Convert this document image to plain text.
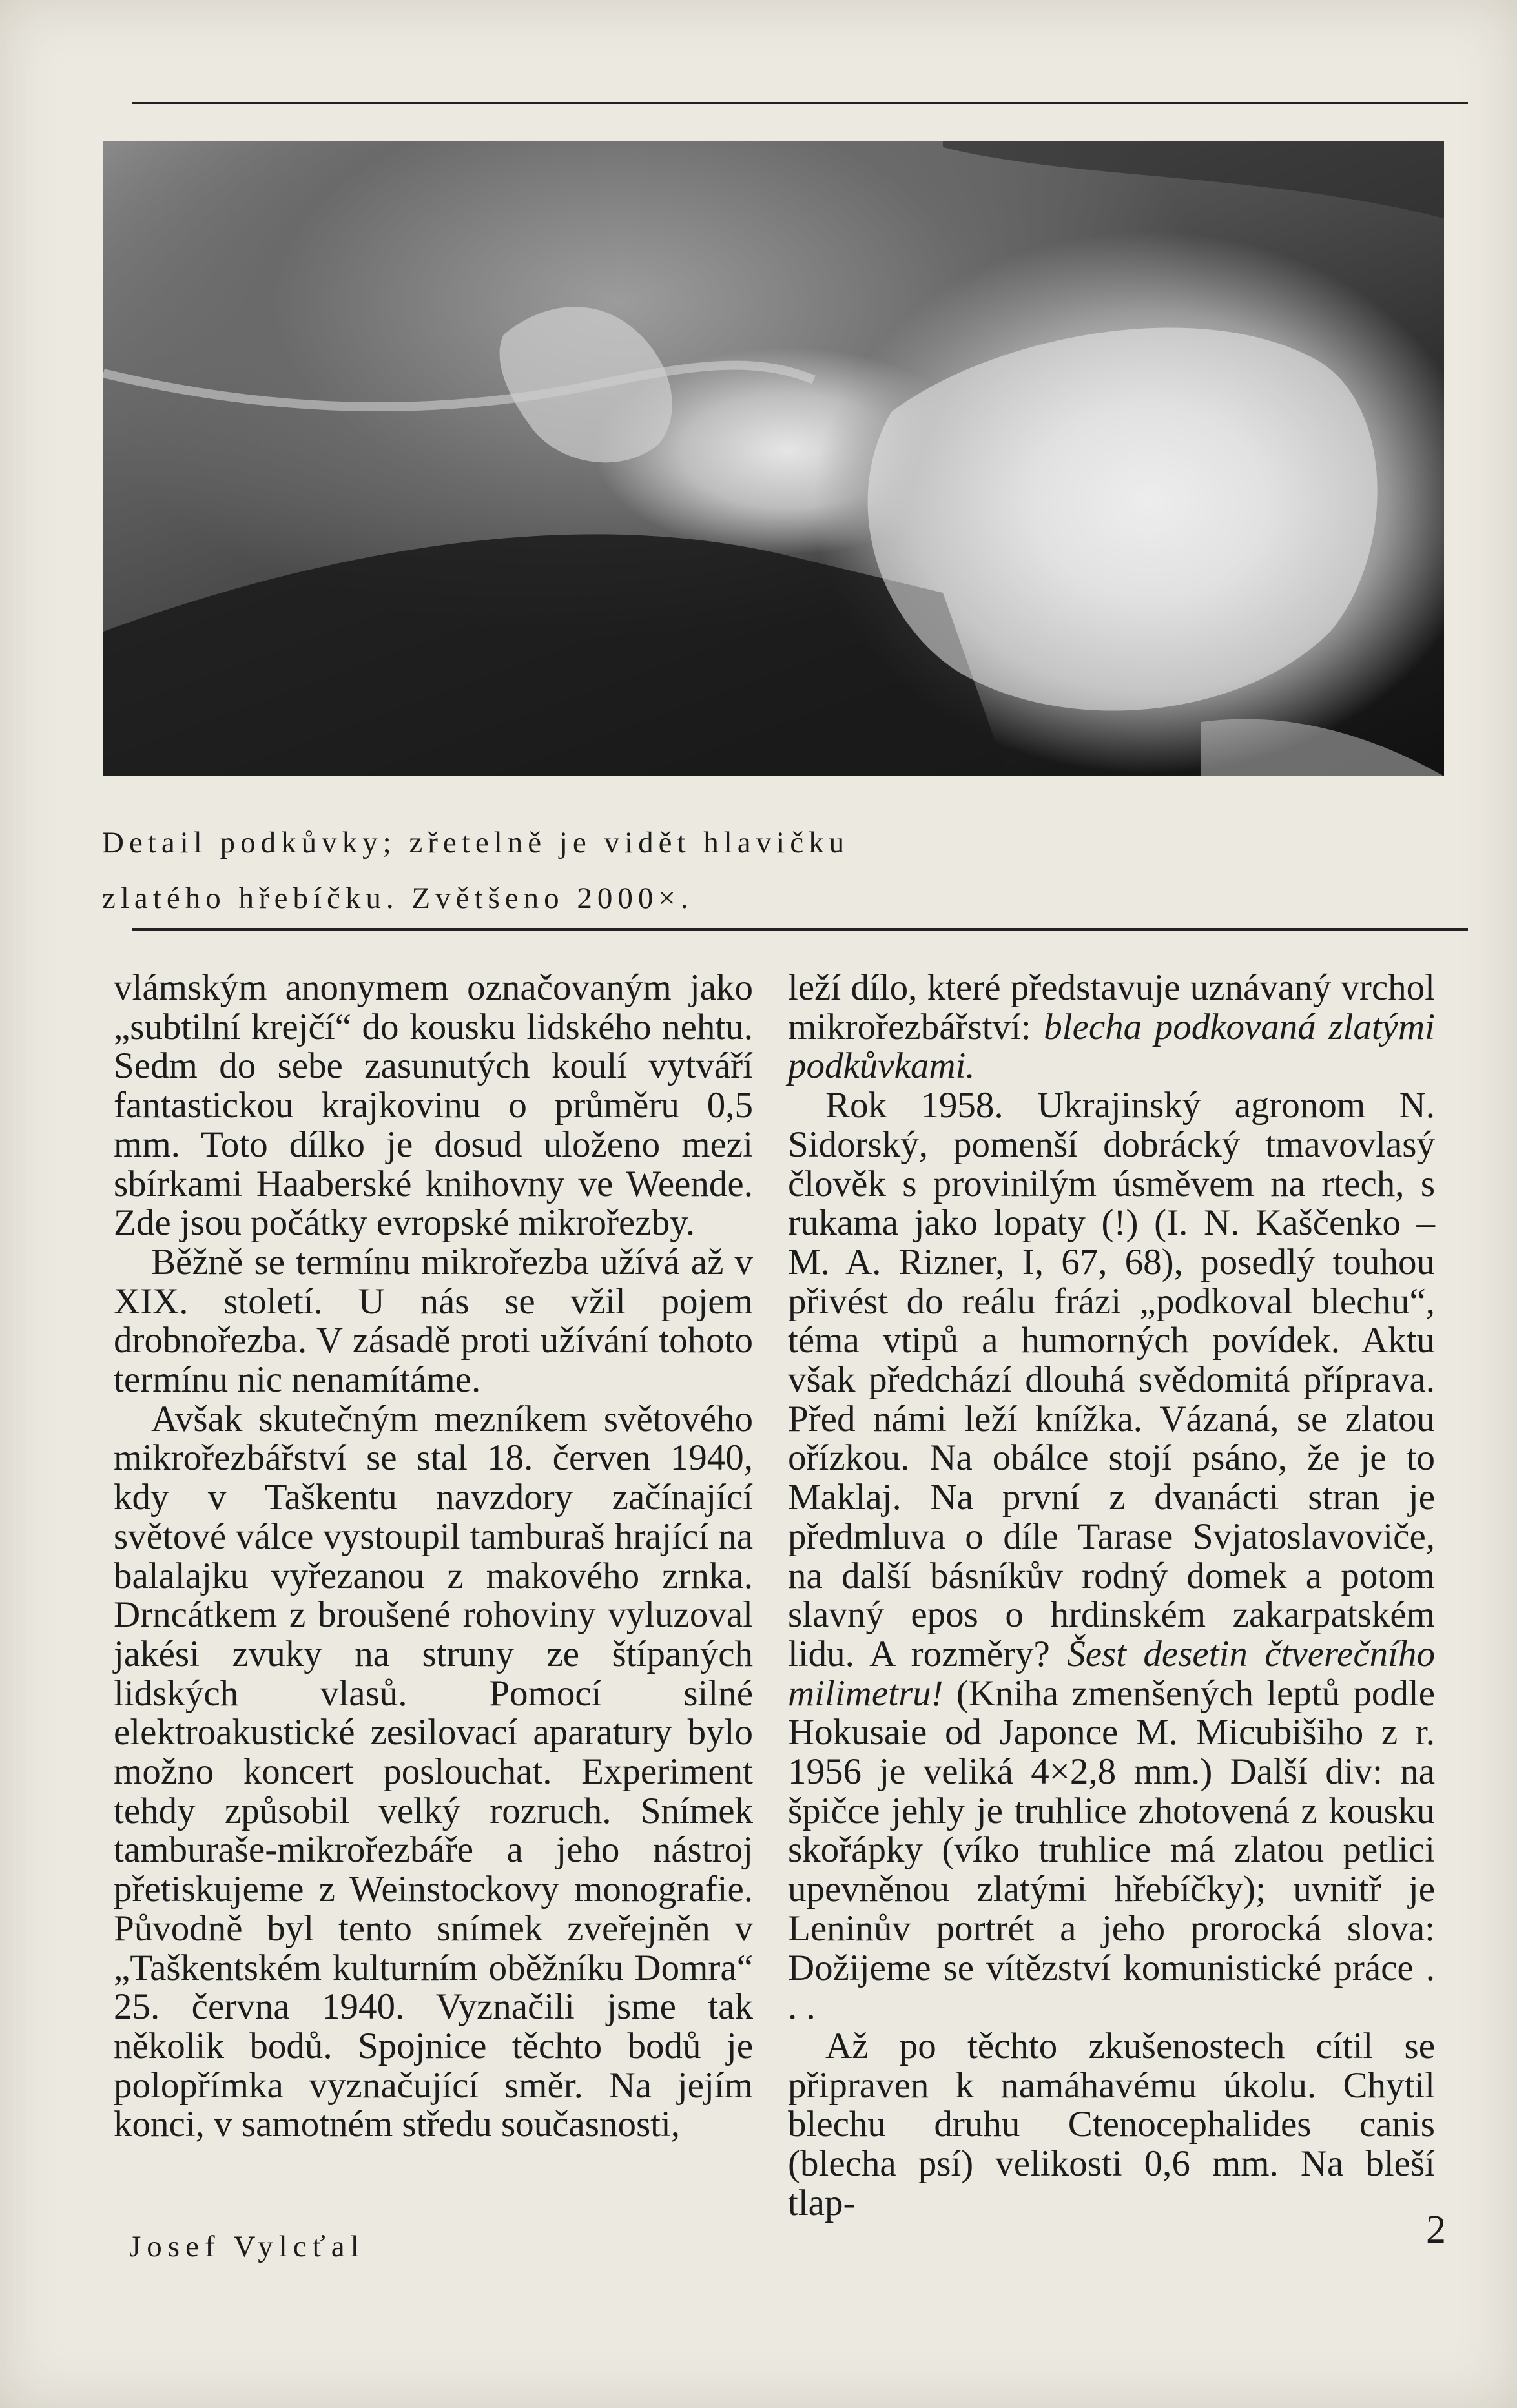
Detail podkůvky; zřetelně je vidět hlavičku
zlatého hřebíčku. Zvětšeno 2000×.

vlámským anonymem označovaným jako „subtilní krejčí“ do kousku lidského nehtu. Sedm do sebe zasunutých koulí vytváří fantastickou krajkovinu o průměru 0,5 mm. Toto dílko je dosud uloženo mezi sbírkami Haaberské knihovny ve Weende. Zde jsou počátky evropské mikrořezby.

Běžně se termínu mikrořezba užívá až v XIX. století. U nás se vžil pojem drobnořezba. V zásadě proti užívání tohoto termínu nic nenamítáme.

Avšak skutečným mezníkem světového mikrořezbářství se stal 18. červen 1940, kdy v Taškentu navzdory začínající světové válce vystoupil tamburaš hrající na balalajku vyřezanou z makového zrnka. Drncátkem z broušené rohoviny vyluzoval jakési zvuky na struny ze štípaných lidských vlasů. Pomocí silné elektroakustické zesilovací aparatury bylo možno koncert poslouchat. Experiment tehdy způsobil velký rozruch. Snímek tamburaše-mikrořezbáře a jeho nástroj přetiskujeme z Weinstockovy monografie. Původně byl tento snímek zveřejněn v „Taškentském kulturním oběžníku Domra“ 25. června 1940. Vyznačili jsme tak několik bodů. Spojnice těchto bodů je polopřímka vyznačující směr. Na jejím konci, v samotném středu současnosti,

leží dílo, které představuje uznávaný vrchol mikrořezbářství: blecha podkovaná zlatými podkůvkami.

Rok 1958. Ukrajinský agronom N. Sidorský, pomenší dobrácký tmavovlasý člověk s provinilým úsměvem na rtech, s rukama jako lopaty (!) (I. N. Kaščenko – M. A. Rizner, I, 67, 68), posedlý touhou přivést do reálu frázi „podkoval blechu“, téma vtipů a humorných povídek. Aktu však předchází dlouhá svědomitá příprava. Před námi leží knížka. Vázaná, se zlatou ořízkou. Na obálce stojí psáno, že je to Maklaj. Na první z dvanácti stran je předmluva o díle Tarase Svjatoslavoviče, na další básníkův rodný domek a potom slavný epos o hrdinském zakarpatském lidu. A rozměry? Šest desetin čtverečního milimetru! (Kniha zmenšených leptů podle Hokusaie od Japonce M. Micubišiho z r. 1956 je veliká 4×2,8 mm.) Další div: na špičce jehly je truhlice zhotovená z kousku skořápky (víko truhlice má zlatou petlici upevněnou zlatými hřebíčky); uvnitř je Leninův portrét a jeho prorocká slova: Dožijeme se vítězství komunistické práce . . .

Až po těchto zkušenostech cítil se připraven k namáhavému úkolu. Chytil blechu druhu Ctenocephalides canis (blecha psí) velikosti 0,6 mm. Na bleší tlap-

Josef Vylcťal	2
